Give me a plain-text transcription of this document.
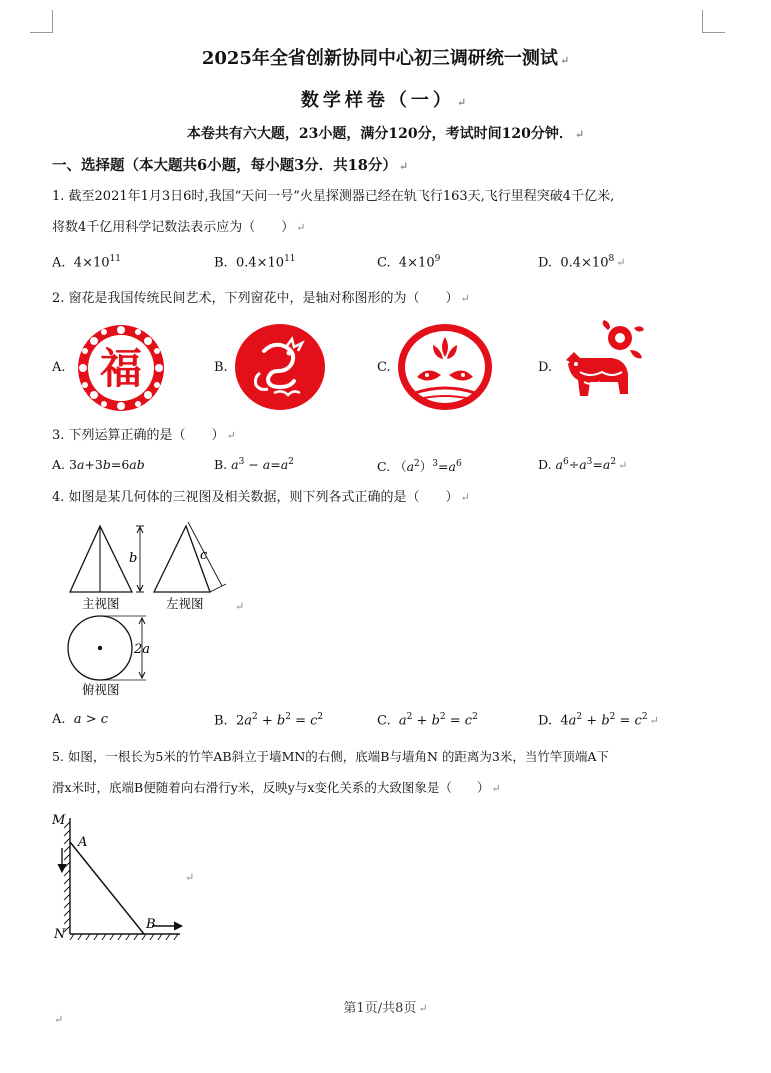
2025年全省创新协同中心初三调研统一测试 ↵
数学样卷（一） ↵
本卷共有六大题，23小题，满分120分，考试时间120分钟． ↵
一、选择题（本大题共6小题，每小题3分．共18分） ↵
1. 截至2021年1月3日6时,我国“天问一号”火星探测器已经在轨飞行163天,飞行里程突破4千亿米,
将数4千亿用科学记数法表示应为（　　） ↵
A.  $4\times 10^{11}$	B.  $0.4\times 10^{11}$	C.  $4\times 10^9$	D.  $0.4\times 10^8$ ↵
2. 窗花是我国传统民间艺术，下列窗花中，是轴对称图形的为（　　） ↵
A.	B.	C.	D.
福
3. 下列运算正确的是（　　） ↵
A. 3a+3b=6ab	B. $a^3 - a=a^2$	C. $(a^2)^3=a^6$	D. $a^6\div a^3=a^2$ ↵
4. 如图是某几何体的三视图及相关数据，则下列各式正确的是（　　） ↵
b	c
主视图	左视图
2a
俯视图
↵
A. a > c	B.  $2a^2 + b^2 = c^2$	C. $a^2 + b^2 = c^2$	D.  $4a^2 + b^2 = c^2$ ↵
5. 如图，一根长为5米的竹竿AB斜立于墙MN的右侧，底端B与墙角N 的距离为3米，当竹竿顶端A下
滑x米时，底端B便随着向右滑行y米，反映y与x变化关系的大致图象是（　　） ↵
M
A
N
B
↵
第1页/共8页 ↵
↵
